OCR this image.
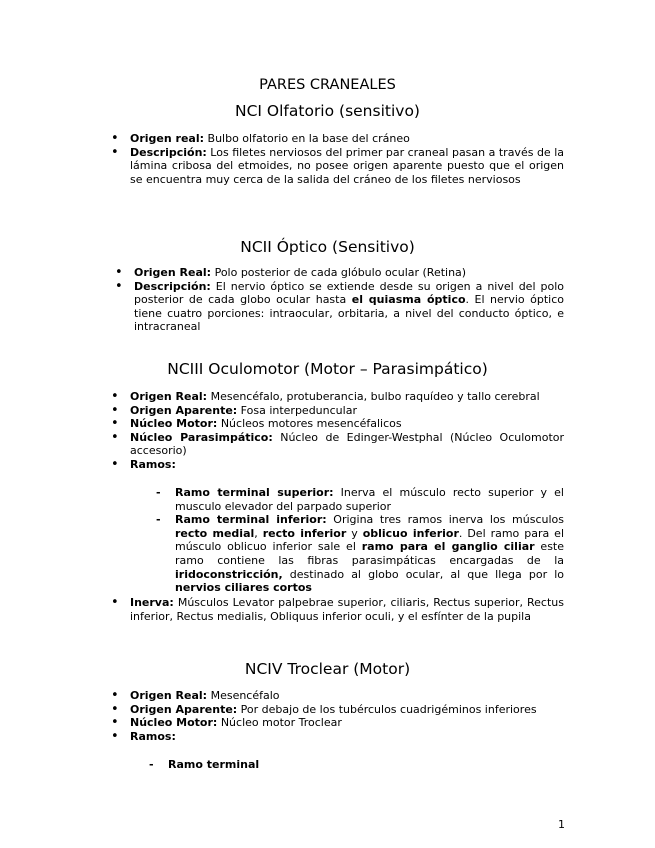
PARES CRANEALES
NCI Olfatorio (sensitivo)
• Origen real: Bulbo olfatorio en la base del cráneo
• Descripción: Los filetes nerviosos del primer par craneal pasan a través de la lámina cribosa del etmoides, no posee origen aparente puesto que el origen se encuentra muy cerca de la salida del cráneo de los filetes nerviosos
NCII Óptico (Sensitivo)
• Origen Real: Polo posterior de cada glóbulo ocular (Retina)
• Descripción: El nervio óptico se extiende desde su origen a nivel del polo posterior de cada globo ocular hasta el quiasma óptico. El nervio óptico tiene cuatro porciones: intraocular, orbitaria, a nivel del conducto óptico, e intracraneal
NCIII Oculomotor (Motor – Parasimpático)
• Origen Real: Mesencéfalo, protuberancia, bulbo raquídeo y tallo cerebral
• Origen Aparente: Fosa interpeduncular
• Núcleo Motor: Núcleos motores mesencéfalicos
• Núcleo Parasimpático: Núcleo de Edinger-Westphal (Núcleo Oculomotor accesorio)
• Ramos:
- Ramo terminal superior: Inerva el músculo recto superior y el musculo elevador del parpado superior
- Ramo terminal inferior: Origina tres ramos inerva los músculos recto medial, recto inferior y oblicuo inferior. Del ramo para el músculo oblicuo inferior sale el ramo para el ganglio ciliar este ramo contiene las fibras parasimpáticas encargadas de la iridoconstricción, destinado al globo ocular, al que llega por lo nervios ciliares cortos
• Inerva: Músculos Levator palpebrae superior, ciliaris, Rectus superior, Rectus inferior, Rectus medialis, Obliquus inferior oculi, y el esfínter de la pupila
NCIV Troclear (Motor)
• Origen Real: Mesencéfalo
• Origen Aparente: Por debajo de los tubérculos cuadrigéminos inferiores
• Núcleo Motor: Núcleo motor Troclear
• Ramos:
- Ramo terminal
1
